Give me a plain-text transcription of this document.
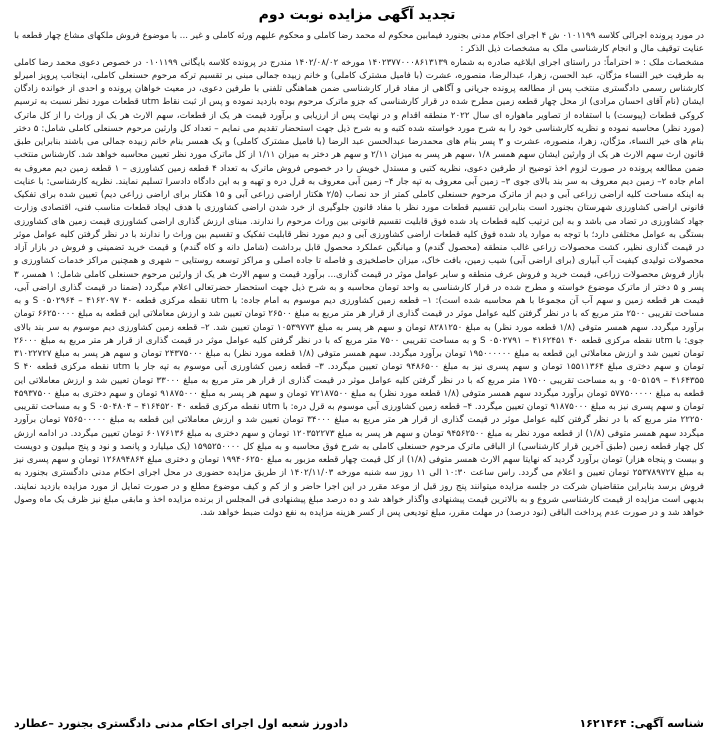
تجدید آگهی مزایده نوبت دوم

در مورد پرونده اجرائی کلاسه ۰۱۰۱۱۹۹ ش ۴ اجرای احکام مدنی بجنورد فیمابین محکوم له محمد رضا کاملی و محکوم علیهم ورثه کاملی و غیر ... با موضوع فروش ملکهای مشاع چهار قطعه با عنایت توقیف مال و انجام کارشناسی ملک به مشخصات ذیل الذکر :

مشخصات ملک : « احتراماً: در راستای اجرای ابلاغیه صادره به شماره ۱۴۰۲۳۷۷۰۰۰۸۶۱۳۱۳۹ مورخه ۱۴۰۲/۰۸/۰۲ مندرج در پرونده کلاسه بایگانی ۰۱۰۱۱۹۹ در خصوص دعوی محمد رضا کاملی به طرفیت خیر النساء مژگان، عبد الحسن، زهرا، عبدالرضا، منصوره، عشرت (با فامیل مشترک کاملی) و خانم زبیده جمالی مبنی بر تقسیم ترکه مرحوم حسنعلی کاملی، اینجانب پرویز امیرلو کارشناس رسمی دادگستری منتخب پس از مطالعه پرونده جریانی و آگاهی از مفاد قرار کارشناسی ضمن هماهنگی تلفنی با طرفین دعوی، در معیت خواهان پرونده و احدی از خوانده زادگان ایشان (نام آقای احسان مرادی) از محل چهار قطعه زمین مطرح شده در قرار کارشناسی که جزو ماترک مرحوم بوده بازدید نموده و پس از ثبت نقاط utm قطعات مورد نظر نسبت به ترسیم کروکی قطعات (پیوست) با استفاده از تصاویر ماهواره ای سال ۲۰۲۲ منطقه اقدام و در نهایت پس از ارزیابی و برآورد قیمت هر یک از قطعات، سهم الارث هر یک از وراث را از کل ماترک (مورد نظر) محاسبه نموده و نظریه کارشناسی خود را به شرح مورد خواسته شده کتبه و به شرح ذیل جهت استحضار تقدیم می نمایم – تعداد کل وارثین مرحوم حسنعلی کاملی شامل: ۵ دختر بنام های خیر النساء، مژگان، زهرا، منصوره، عشرت و ۳ پسر بنام های محمدرضا عبدالحسن عبد الرضا (با فامیل مشترک کاملی) و یک همسر بنام خانم زبیده جمالی می باشند بنابراین طبق قانون ارث سهم الارث هر یک از وارثین ایشان سهم همسر ۱/۸ ،سهم هر پسر به میزان ۲/۱۱ و سهم هر دختر به میزان ۱/۱۱ از کل ماترک مورد نظر تعیین محاسبه خواهد شد. کارشناس منتخب ضمن مطالعه پرونده در صورت لزوم اخذ توضیح از طرفین دعوی، نظریه کتبی و مستدل خویش را در خصوص فروش ماترک به تعداد ۴ قطعه زمین کشاورزی – ۱ قطعه زمین دیم معروف به امام جاده ۲– زمین دیم معروف به سر بند بالای جوی ۳– زمین آبی معروف به تپه جار ۴– زمین آبی معروف به قرل دره و تهیه و به این دادگاه دادسرا تسلیم نمایند. نظریه کارشناسی: با عنایت به اینکه مساحت کلیه اراضی زراعی آبی و دیم از ماترک مرحوم حسنعلی کاملی کمتر از حد نصاب (۲/۵ هکتار اراضی زراعی آبی و ۱۵ هکتار برای اراضی زراعی دیم) تعیین شده برای تفکیک قانونی اراضی کشاورزی شهرستان بجنورد است بنابراین تقسیم قطعات مورد نظر با مفاد قانون جلوگیری از خرد شدن اراضی کشاورزی با هدف ایجاد قطعات مناسب فنی، اقتصادی وزارت جهاد کشاورزی در تضاد می باشد و به این ترتیب کلیه قطعات یاد شده فوق قابلیت تقسیم قانونی بین وراث مرحوم را ندارند. مبنای ارزش گذاری اراضی کشاورزی قیمت زمین های کشاورزی بستگی به عوامل مختلفی دارد؛ با توجه به موارد یاد شده فوق کلیه قطعات اراضی کشاورزی آبی و دیم مورد نظر قابلیت تفکیک و تقسیم بین وراث را ندارند با در نظر گرفتن کلیه عوامل موثر در قیمت گذاری نظیر، کشت محصولات زراعی غالب منطقه (محصول گندم) و میانگین عملکرد محصول قابل برداشت (شامل دانه و کاه گندم) و قیمت خرید تضمینی و فروش در بازار آزاد محصولات تولیدی کیفیت آب آبیاری (برای اراضی آبی) شیب زمین، بافت خاک، میزان حاصلخیزی و فاصله تا جاده اصلی و مراکز توسعه روستایی – شهری و همچنین مراکز خدمات کشاورزی و بازار فروش محصولات زراعی، قیمت خرید و فروش عرف منطقه و سایر عوامل موثر در قیمت گذاری... برآورد قیمت و سهم الارث هر یک از وارثین مرحوم حسنعلی کاملی شامل: ۱ همسر، ۳ پسر و ۵ دختر از ماترک موضوع خواسته و مطرح شده در قرار کارشناسی به واحد تومان محاسبه و به شرح ذیل جهت استحضار حضرتعالی اعلام میگردد (ضمنا در قیمت گذاری اراضی آبی، قیمت هر قطعه زمین و سهم آب آن مجموعا با هم محاسبه شده است): ۱– قطعه زمین کشاورزی دیم موسوم به امام جاده: با utm نقطه مرکزی قطعه ۴۰ S ۰۵۰۲۹۶۴ – ۴۱۶۲۰۹۷ و به مساحت تقریبی ۲۵۰۰ متر مربع که با در نظر گرفتن کلیه عوامل موثر در قیمت گذاری از قرار هر متر مربع به مبلغ ۲۶۵۰۰ تومان تعیین شد و ارزش معاملاتی این قطعه به مبلغ ۶۶۲۵۰۰۰۰ تومان برآورد میگردد. سهم همسر متوفی (۱/۸ قطعه مورد نظر) به مبلغ ۸۲۸۱۲۵۰ تومان و سهم هر پسر به مبلغ ۱۰۵۳۹۷۷۳ تومان تعیین شد. ۲– قطعه زمین کشاورزی دیم موسوم به سر بند بالای جوی: با utm نقطه مرکزی قطعه ۴۰ S ۰۵۰۲۷۹۱ – ۴۱۶۲۴۵۱ و به مساحت تقریبی ۷۵۰۰ متر مربع که با در نظر گرفتن کلیه عوامل موثر در قیمت گذاری از قرار هر متر مربع به مبلغ ۲۶۰۰۰ تومان تعیین شد و ارزش معاملاتی این قطعه به مبلغ ۱۹۵۰۰۰۰۰۰ تومان برآورد میگردد. سهم همسر متوفی (۱/۸ قطعه مورد نظر) به مبلغ ۲۴۳۷۵۰۰۰ تومان و سهم هر پسر به مبلغ ۳۱۰۲۲۷۲۷ تومان و سهم دختری مبلغ ۱۵۵۱۱۳۶۴ تومان و سهم پسری نیز به مبلغ ۹۴۸۶۵۰۰ تومان تعیین میگردد. ۳– قطعه زمین کشاورزی آبی موسوم به تپه جار با utm نقطه مرکزی قطعه ۴۰ S ۰۵۰۵۱۵۹ – ۴۱۶۴۳۵۵ و به مساحت تقریبی ۱۷۵۰۰ متر مربع که با در نظر گرفتن کلیه عوامل موثر در قیمت گذاری از قرار هر متر مربع به مبلغ ۳۳۰۰۰ تومان تعیین شد و ارزش معاملاتی این قطعه به مبلغ ۵۷۷۵۰۰۰۰۰ تومان برآورد میگردد سهم همسر متوفی (۱/۸ قطعه مورد نظر) به مبلغ ۷۲۱۸۷۵۰۰ تومان و سهم هر پسر به مبلغ ۹۱۸۷۵۰۰۰ تومان و سهم دختری به مبلغ ۴۵۹۳۷۵۰۰ تومان و سهم پسری نیز به مبلغ ۹۱۸۷۵۰۰۰ تومان تعیین میگردد. ۴– قطعه زمین کشاورزی آبی موسوم به قرل دره: با utm نقطه مرکزی قطعه ۴۰ S ۰۵۰۴۸۰۴ – ۴۱۶۴۵۲۰ و به مساحت تقریبی ۲۲۲۵۰ متر مربع که با در نظر گرفتن کلیه عوامل موثر در قیمت گذاری از قرار هر متر مربع به مبلغ ۳۴۰۰۰ تومان تعیین شد و ارزش معاملاتی این قطعه به مبلغ ۷۵۶۵۰۰۰۰۰ تومان برآورد میگردد سهم همسر متوفی (۱/۸) از قطعه مورد نظر به مبلغ ۹۴۵۶۲۵۰۰ تومان و سهم هر پسر به مبلغ ۱۲۰۳۵۲۲۷۳ تومان و سهم دختری به مبلغ ۶۰۱۷۶۱۳۶ تومان تعیین میگردد. در ادامه ارزش کل چهار قطعه زمین (طبق آخرین قرار کارشناسی) از الباقی ماترک مرحوم حسنعلی کاملی به شرح فوق محاسبه و به مبلغ کل ۱۵۹۵۲۵۰۰۰۰ (یک میلیارد و پانصد و نود و پنج میلیون و دویست و بیست و پنجاه هزار) تومان برآورد گردید که نهایتا سهم الارث همسر متوفی (۱/۸) از کل قیمت چهار قطعه مزبور به مبلغ ۱۹۹۴۰۶۲۵۰ تومان و دختری مبلغ ۱۲۶۸۹۴۸۶۴ تومان و سهم پسری نیز به مبلغ ۲۵۳۷۸۹۷۲۷ تومان تعیین و اعلام می گردد. راس ساعت ۱۰:۳۰ الی ۱۱ روز سه شنبه مورخه ۱۴۰۲/۱۱/۰۳ از طریق مزایده حضوری در محل اجرای احکام مدنی دادگستری بجنورد به فروش برسد بنابراین متقاضیان شرکت در جلسه مزایده میتوانند پنج روز قبل از موعد مقرر در این اجرا حاضر و از کم و کیف موضوع مطلع و در صورت تمایل از مورد مزایده بازدید نمایند. بدیهی است مزایده از قیمت کارشناسی شروع و به بالاترین قیمت پیشنهادی واگذار خواهد شد و ده درصد مبلغ پیشنهادی فی المجلس از برنده مزایده اخذ و مابقی مبلغ نیز ظرف یک ماه وصول خواهد شد و در صورت عدم پرداخت الباقی (نود درصد) در مهلت مقرر، مبلغ تودیعی پس از کسر هزینه مزایده به نفع دولت ضبط خواهد شد.

شناسه آگهی: ۱۶۲۱۴۶۴
دادورز شعبه اول اجرای احکام مدنی دادگستری بجنورد –عطارد
